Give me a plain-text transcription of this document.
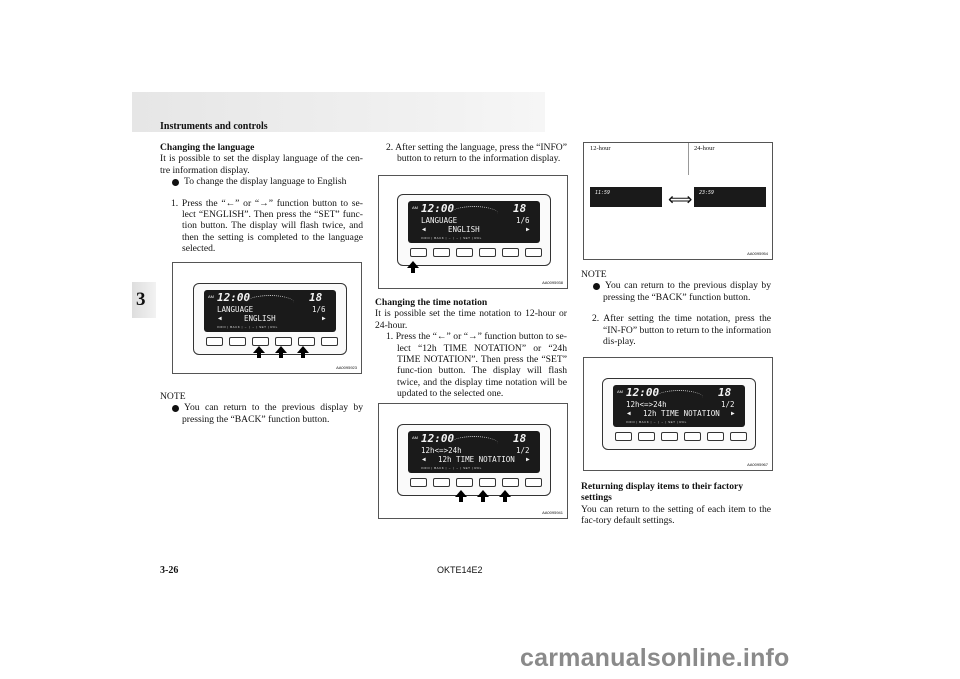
Instruments and controls
3

Changing the language

It is possible to set the display language of the cen-tre information display.

To change the display language to English

1. Press the “←” or “→” function button to se-lect “ENGLISH”. Then press the “SET” func-tion button. The display will flash twice, and then the setting is completed to the language selected.

AM 12:00	18
LANGUAGE	1/6
◀	ENGLISH	▶
INFO | BACK | ← | → | SET | RCL
AA0095923

NOTE

You can return to the previous display by pressing the “BACK” function button.

2. After setting the language, press the “INFO” button to return to the information display.

AM 12:00	18
LANGUAGE	1/6
◀	ENGLISH	▶
INFO | BACK | ← | → | SET | RCL
AA0095938

Changing the time notation

It is possible set the time notation to 12-hour or 24-hour.

1. Press the “←” or “→” function button to se-lect “12h TIME NOTATION” or “24h TIME NOTATION”. Then press the “SET” func-tion button. The display will flash twice, and the display time notation will be updated to the selected one.

AM 12:00	18
12h<=>24h	1/2
◀ 12h TIME NOTATION ▶
INFO | BACK | ← | → | SET | RCL
AA0095941
12-hour	24-hour
11:59	⟺ 23:59
AA0095954

NOTE

You can return to the previous display by pressing the “BACK” function button.

2. After setting the time notation, press the “IN-FO” button to return to the information dis-play.

AM 12:00	18
12h<=>24h	1/2
◀ 12h TIME NOTATION ▶
INFO | BACK | ← | → | SET | RCL
AA0095967

Returning display items to their factory settings

You can return to the setting of each item to the fac-tory default settings.

3-26	OKTE14E2
carmanualsonline.info
